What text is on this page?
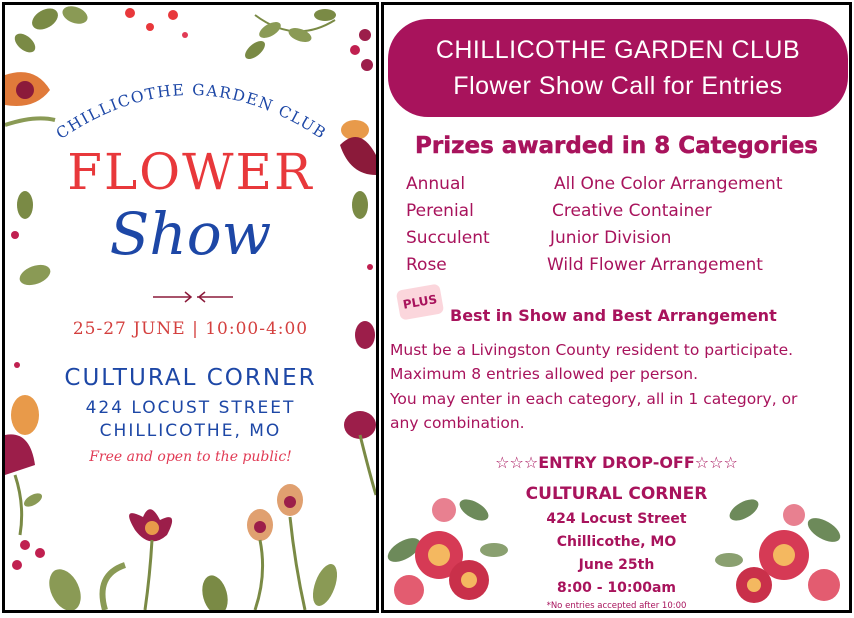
CHILLICOTHE GARDEN CLUB
FLOWER
Show
25-27 JUNE | 10:00-4:00
CULTURAL CORNER
424 LOCUST STREET
CHILLICOTHE, MO
Free and open to the public!
CHILLICOTHE GARDEN CLUB
Flower Show Call for Entries
Prizes awarded in 8 Categories
Annual
Perenial
Succulent
Rose
All One Color Arrangement
Creative Container
Junior Division
Wild Flower Arrangement
PLUS
Best in Show and Best Arrangement
Must be a Livingston County resident to participate.
Maximum 8 entries allowed per person.
You may enter in each category, all in 1 category, or
any combination.
☆☆☆ENTRY DROP-OFF☆☆☆
CULTURAL CORNER
424 Locust Street
Chillicothe, MO
June 25th
8:00 - 10:00am
*No entries accepted after 10:00
